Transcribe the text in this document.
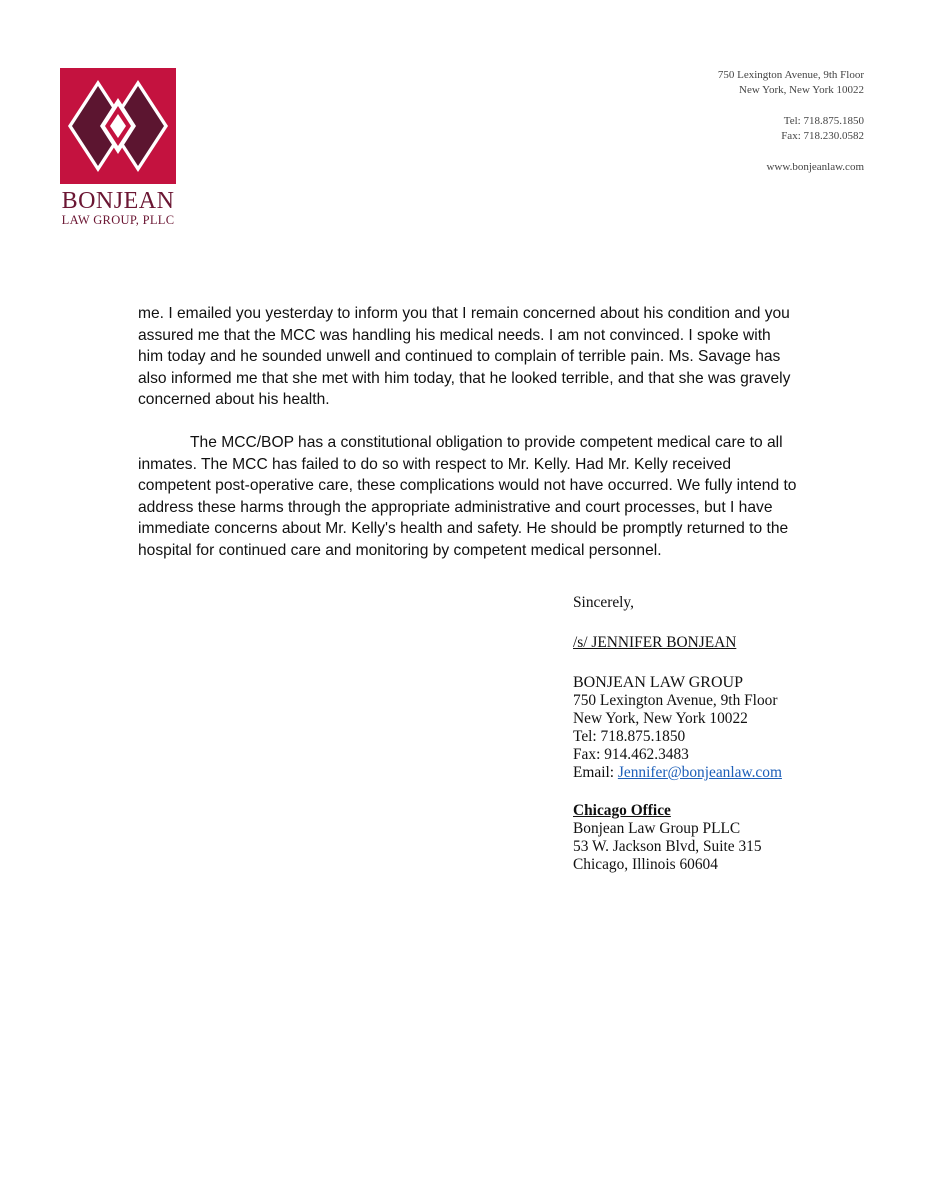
BONJEAN
LAW GROUP, PLLC
750 Lexington Avenue, 9th Floor
New York, New York 10022
Tel: 718.875.1850
Fax: 718.230.0582
www.bonjeanlaw.com

me. I emailed you yesterday to inform you that I remain concerned about his condition and you assured me that the MCC was handling his medical needs. I am not convinced. I spoke with him today and he sounded unwell and continued to complain of terrible pain. Ms. Savage has also informed me that she met with him today, that he looked terrible, and that she was gravely concerned about his health.

The MCC/BOP has a constitutional obligation to provide competent medical care to all inmates. The MCC has failed to do so with respect to Mr. Kelly. Had Mr. Kelly received competent post-operative care, these complications would not have occurred. We fully intend to address these harms through the appropriate administrative and court processes, but I have immediate concerns about Mr. Kelly's health and safety. He should be promptly returned to the hospital for continued care and monitoring by competent medical personnel.

Sincerely,
/s/ JENNIFER BONJEAN
BONJEAN LAW GROUP
750 Lexington Avenue, 9th Floor
New York, New York 10022
Tel: 718.875.1850
Fax: 914.462.3483
Email: Jennifer@bonjeanlaw.com
Chicago Office
Bonjean Law Group PLLC
53 W. Jackson Blvd, Suite 315
Chicago, Illinois 60604
